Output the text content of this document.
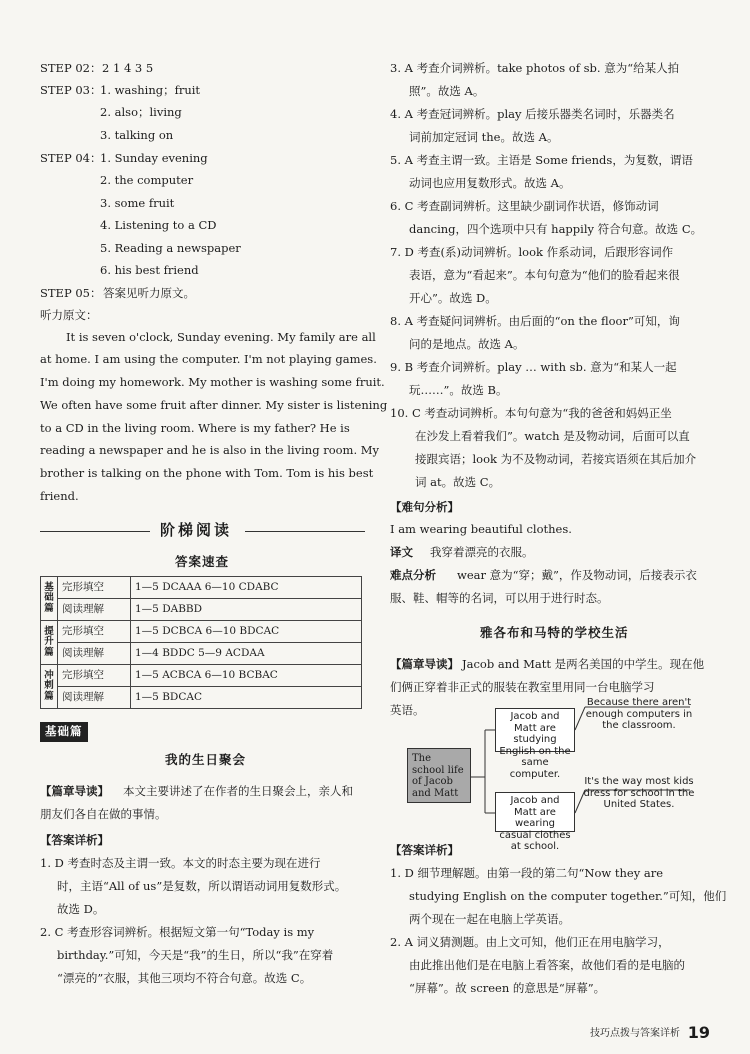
STEP 02： 2 1 4 3 5
STEP 03：
1. washing；fruit
2. also；living
3. talking on
STEP 04：
1. Sunday evening
2. the computer
3. some fruit
4. Listening to a CD
5. Reading a newspaper
6. his best friend
STEP 05： 答案见听力原文。
听力原文：
It is seven o'clock, Sunday evening. My family are all
at home. I am using the computer. I'm not playing games.
I'm doing my homework. My mother is washing some fruit.
We often have some fruit after dinner. My sister is listening
to a CD in the living room. Where is my father? He is
reading a newspaper and he is also in the living room. My
brother is talking on the phone with Tom. Tom is his best
friend.
阶梯阅读
答案速查
基础篇	完形填空	1—5 DCAAA 6—10 CDABC
	阅读理解	1—5 DABBD
提升篇	完形填空	1—5 DCBCA 6—10 BDCAC
	阅读理解	1—4 BDDC 5—9 ACDAA
冲刺篇	完形填空	1—5 ACBCA 6—10 BCBAC
	阅读理解	1—5 BDCAC
基础篇
我的生日聚会
【篇章导读】 本文主要讲述了在作者的生日聚会上，亲人和
朋友们各自在做的事情。
【答案详析】
1. D 考查时态及主谓一致。本文的时态主要为现在进行
时，主语“All of us”是复数，所以谓语动词用复数形式。
故选 D。
2. C 考查形容词辨析。根据短文第一句“Today is my
birthday.”可知，今天是“我”的生日，所以“我”在穿着
“漂亮的”衣服，其他三项均不符合句意。故选 C。
3. A 考查介词辨析。take photos of sb. 意为“给某人拍
照”。故选 A。
4. A 考查冠词辨析。play 后接乐器类名词时，乐器类名
词前加定冠词 the。故选 A。
5. A 考查主谓一致。主语是 Some friends，为复数，谓语
动词也应用复数形式。故选 A。
6. C 考查副词辨析。这里缺少副词作状语，修饰动词
dancing，四个选项中只有 happily 符合句意。故选 C。
7. D 考查(系)动词辨析。look 作系动词，后跟形容词作
表语，意为“看起来”。本句句意为“他们的脸看起来很
开心”。故选 D。
8. A 考查疑问词辨析。由后面的“on the floor”可知，询
问的是地点。故选 A。
9. B 考查介词辨析。play … with sb. 意为“和某人一起
玩……”。故选 B。
10. C 考查动词辨析。本句句意为“我的爸爸和妈妈正坐
在沙发上看着我们”。watch 是及物动词，后面可以直
接跟宾语；look 为不及物动词，若接宾语须在其后加介
词 at。故选 C。
【难句分析】
I am wearing beautiful clothes.
译文 我穿着漂亮的衣服。
难点分析 wear 意为“穿；戴”，作及物动词，后接表示衣
服、鞋、帽等的名词，可以用于进行时态。
雅各布和马特的学校生活
【篇章导读】 Jacob and Matt 是两名美国的中学生。现在他
们俩正穿着非正式的服装在教室里用同一台电脑学习
英语。
The school life of Jacob and Matt
Jacob and Matt are studying English on the same computer.
Because there aren't enough computers in the classroom.
Jacob and Matt are wearing casual clothes at school.
It's the way most kids dress for school in the United States.
【答案详析】
1. D 细节理解题。由第一段的第二句“Now they are
studying English on the computer together.”可知，他们
两个现在一起在电脑上学英语。
2. A 词义猜测题。由上文可知，他们正在用电脑学习，
由此推出他们是在电脑上看答案，故他们看的是电脑的
“屏幕”。故 screen 的意思是“屏幕”。
技巧点拨与答案详析 19
